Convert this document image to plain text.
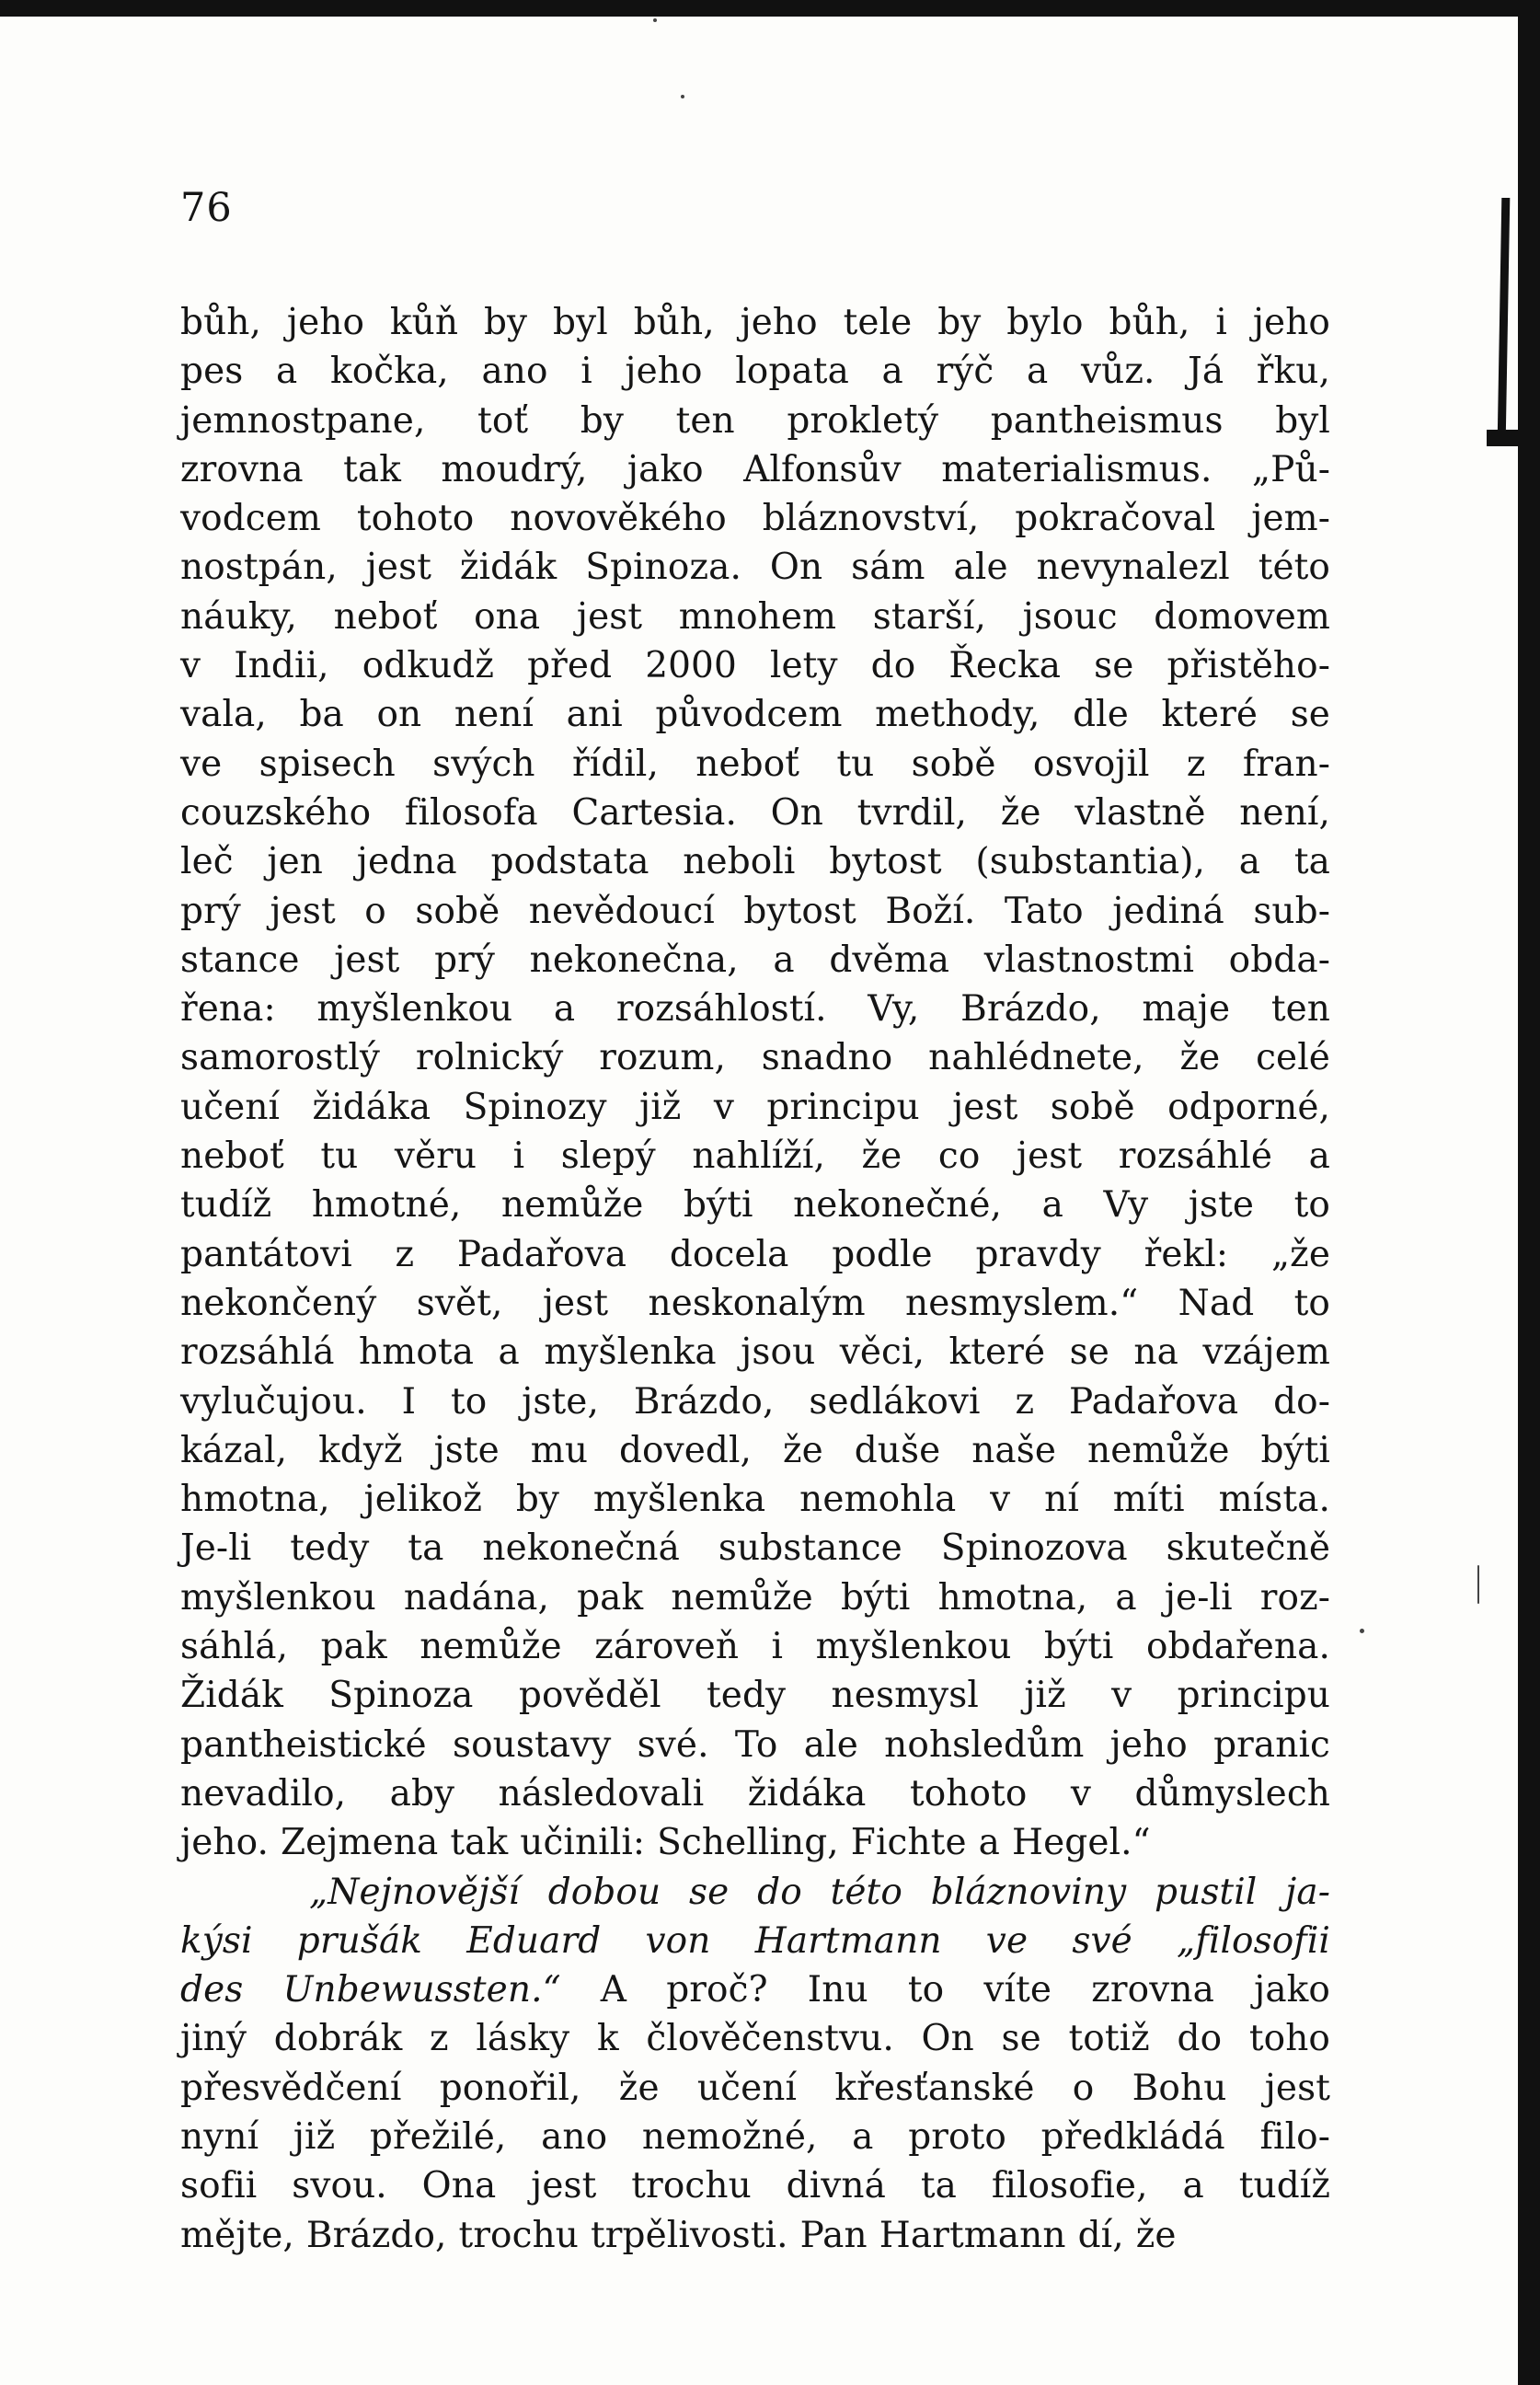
76
bůh, jeho kůň by byl bůh, jeho tele by bylo bůh, i jeho
pes a kočka, ano i jeho lopata a rýč a vůz. Já řku,
jemnostpane, toť by ten prokletý pantheismus byl
zrovna tak moudrý, jako Alfonsův materialismus. „Pů-
vodcem tohoto novověkého bláznovství, pokračoval jem-
nostpán, jest židák Spinoza. On sám ale nevynalezl této
náuky, neboť ona jest mnohem starší, jsouc domovem
v Indii, odkudž před 2000 lety do Řecka se přistěho-
vala, ba on není ani původcem methody, dle které se
ve spisech svých řídil, neboť tu sobě osvojil z fran-
couzského filosofa Cartesia. On tvrdil, že vlastně není,
leč jen jedna podstata neboli bytost (substantia), a ta
prý jest o sobě nevědoucí bytost Boží. Tato jediná sub-
stance jest prý nekonečna, a dvěma vlastnostmi obda-
řena: myšlenkou a rozsáhlostí. Vy, Brázdo, maje ten
samorostlý rolnický rozum, snadno nahlédnete, že celé
učení židáka Spinozy již v principu jest sobě odporné,
neboť tu věru i slepý nahlíží, že co jest rozsáhlé a
tudíž hmotné, nemůže býti nekonečné, a Vy jste to
pantátovi z Padařova docela podle pravdy řekl: „že
nekončený svět, jest neskonalým nesmyslem.“ Nad to
rozsáhlá hmota a myšlenka jsou věci, které se na vzájem
vylučujou. I to jste, Brázdo, sedlákovi z Padařova do-
kázal, když jste mu dovedl, že duše naše nemůže býti
hmotna, jelikož by myšlenka nemohla v ní míti místa.
Je-li tedy ta nekonečná substance Spinozova skutečně
myšlenkou nadána, pak nemůže býti hmotna, a je-li roz-
sáhlá, pak nemůže zároveň i myšlenkou býti obdařena.
Židák Spinoza pověděl tedy nesmysl již v principu
pantheistické soustavy své. To ale nohsledům jeho pranic
nevadilo, aby následovali židáka tohoto v důmyslech
jeho. Zejmena tak učinili: Schelling, Fichte a Hegel.“
„Nejnovější dobou se do této bláznoviny pustil ja-
kýsi prušák Eduard von Hartmann ve své „filosofii
des Unbewussten.“ A proč? Inu to víte zrovna jako
jiný dobrák z lásky k člověčenstvu. On se totiž do toho
přesvědčení ponořil, že učení křesťanské o Bohu jest
nyní již přežilé, ano nemožné, a proto předkládá filo-
sofii svou. Ona jest trochu divná ta filosofie, a tudíž
mějte, Brázdo, trochu trpělivosti. Pan Hartmann dí, že
